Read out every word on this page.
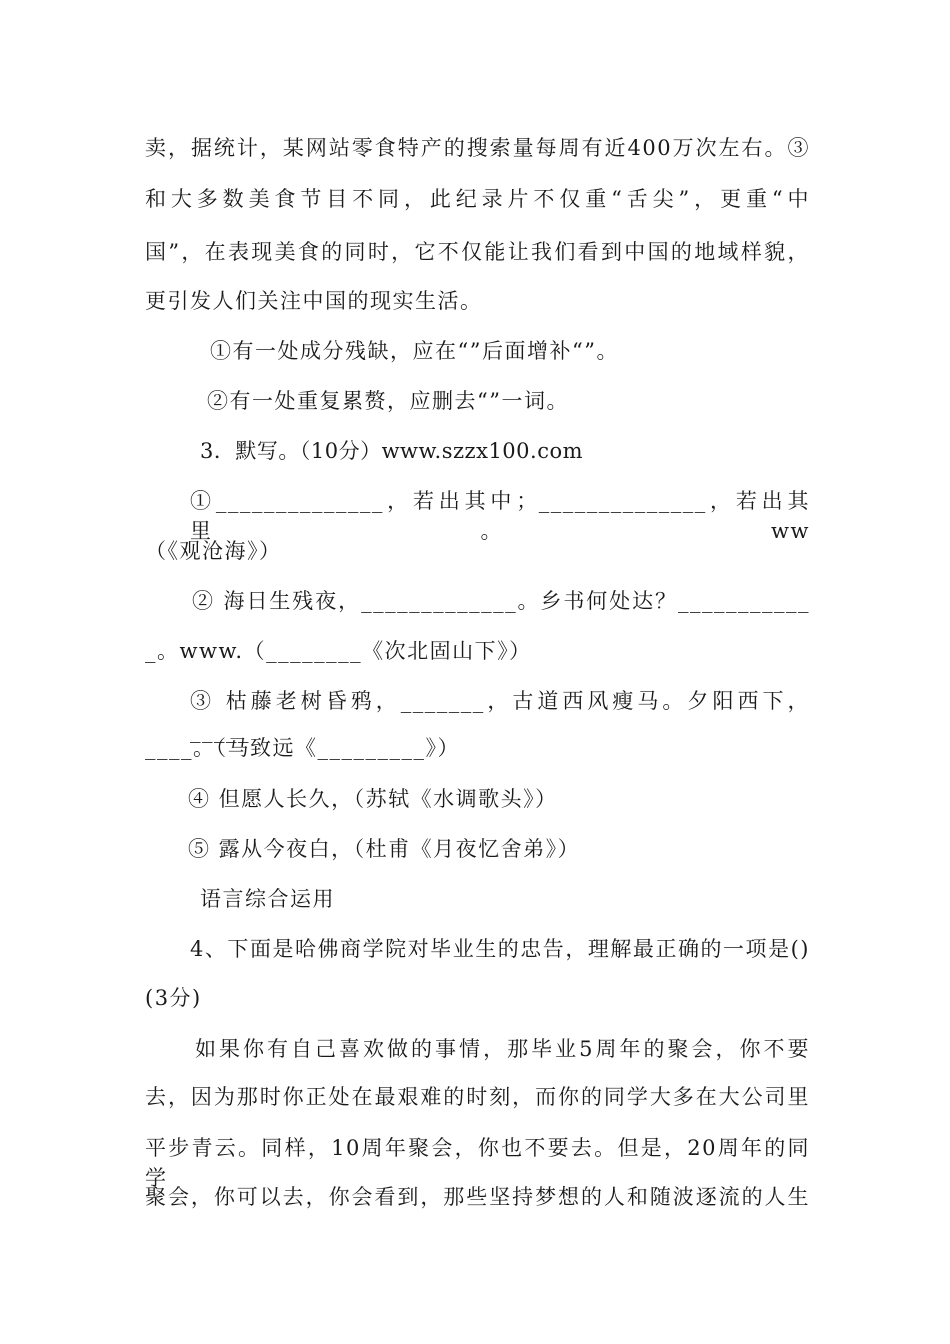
卖，据统计，某网站零食特产的搜索量每周有近400万次左右。③
和大多数美食节目不同，此纪录片不仅重“舌尖”，更重“中
国”，在表现美食的同时，它不仅能让我们看到中国的地域样貌，
更引发人们关注中国的现实生活。
①有一处成分残缺，应在“”后面增补“”。
②有一处重复累赘，应删去“”一词。
3．默写。（10分）www.szzx100.com
①______________，若出其中；______________，若出其里。ww
（《观沧海》）
② 海日生残夜，_____________。乡书何处达？___________
_。www.（________《次北固山下》）
③ 枯藤老树昏鸦，_______，古道西风瘦马。夕阳西下，_____
____。（马致远《_________》）
④ 但愿人长久，（苏轼《水调歌头》）
⑤ 露从今夜白，（杜甫《月夜忆舍弟》）
语言综合运用
4、下面是哈佛商学院对毕业生的忠告，理解最正确的一项是()
(3分)
如果你有自己喜欢做的事情，那毕业5周年的聚会，你不要
去，因为那时你正处在最艰难的时刻，而你的同学大多在大公司里
平步青云。同样，10周年聚会，你也不要去。但是，20周年的同学
聚会，你可以去，你会看到，那些坚持梦想的人和随波逐流的人生
